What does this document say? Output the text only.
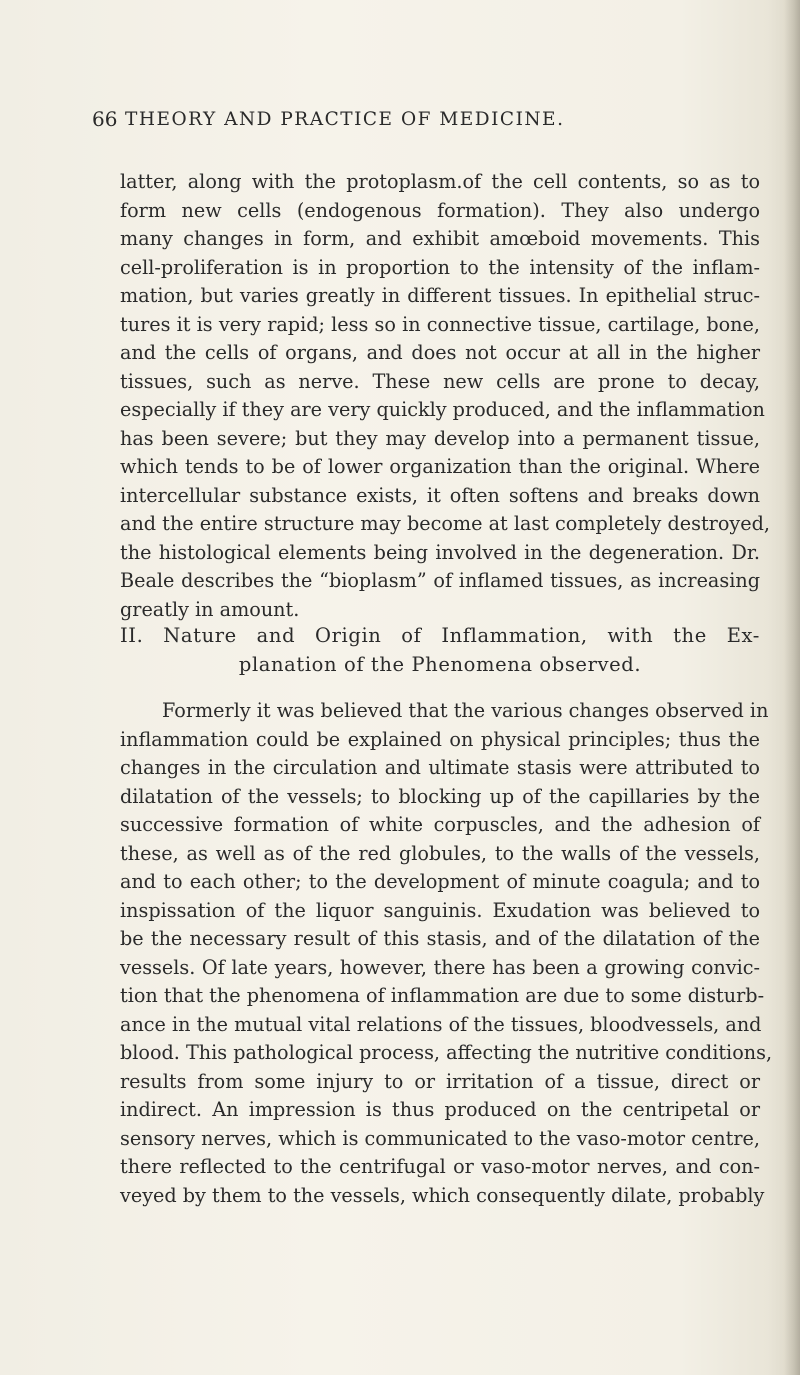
66 THEORY AND PRACTICE OF MEDICINE.
latter, along with the protoplasm.of the cell contents, so as to
form new cells (endogenous formation). They also undergo
many changes in form, and exhibit amœboid movements. This
cell-proliferation is in proportion to the intensity of the inflam-
mation, but varies greatly in different tissues. In epithelial struc-
tures it is very rapid; less so in connective tissue, cartilage, bone,
and the cells of organs, and does not occur at all in the higher
tissues, such as nerve. These new cells are prone to decay,
especially if they are very quickly produced, and the inflammation
has been severe; but they may develop into a permanent tissue,
which tends to be of lower organization than the original. Where
intercellular substance exists, it often softens and breaks down
and the entire structure may become at last completely destroyed,
the histological elements being involved in the degeneration. Dr.
Beale describes the “bioplasm” of inflamed tissues, as increasing
greatly in amount.
II. Nature and Origin of Inflammation, with the Ex-
planation of the Phenomena observed.
Formerly it was believed that the various changes observed in
inflammation could be explained on physical principles; thus the
changes in the circulation and ultimate stasis were attributed to
dilatation of the vessels; to blocking up of the capillaries by the
successive formation of white corpuscles, and the adhesion of
these, as well as of the red globules, to the walls of the vessels,
and to each other; to the development of minute coagula; and to
inspissation of the liquor sanguinis. Exudation was believed to
be the necessary result of this stasis, and of the dilatation of the
vessels. Of late years, however, there has been a growing convic-
tion that the phenomena of inflammation are due to some disturb-
ance in the mutual vital relations of the tissues, bloodvessels, and
blood. This pathological process, affecting the nutritive conditions,
results from some injury to or irritation of a tissue, direct or
indirect. An impression is thus produced on the centripetal or
sensory nerves, which is communicated to the vaso-motor centre,
there reflected to the centrifugal or vaso-motor nerves, and con-
veyed by them to the vessels, which consequently dilate, probably
